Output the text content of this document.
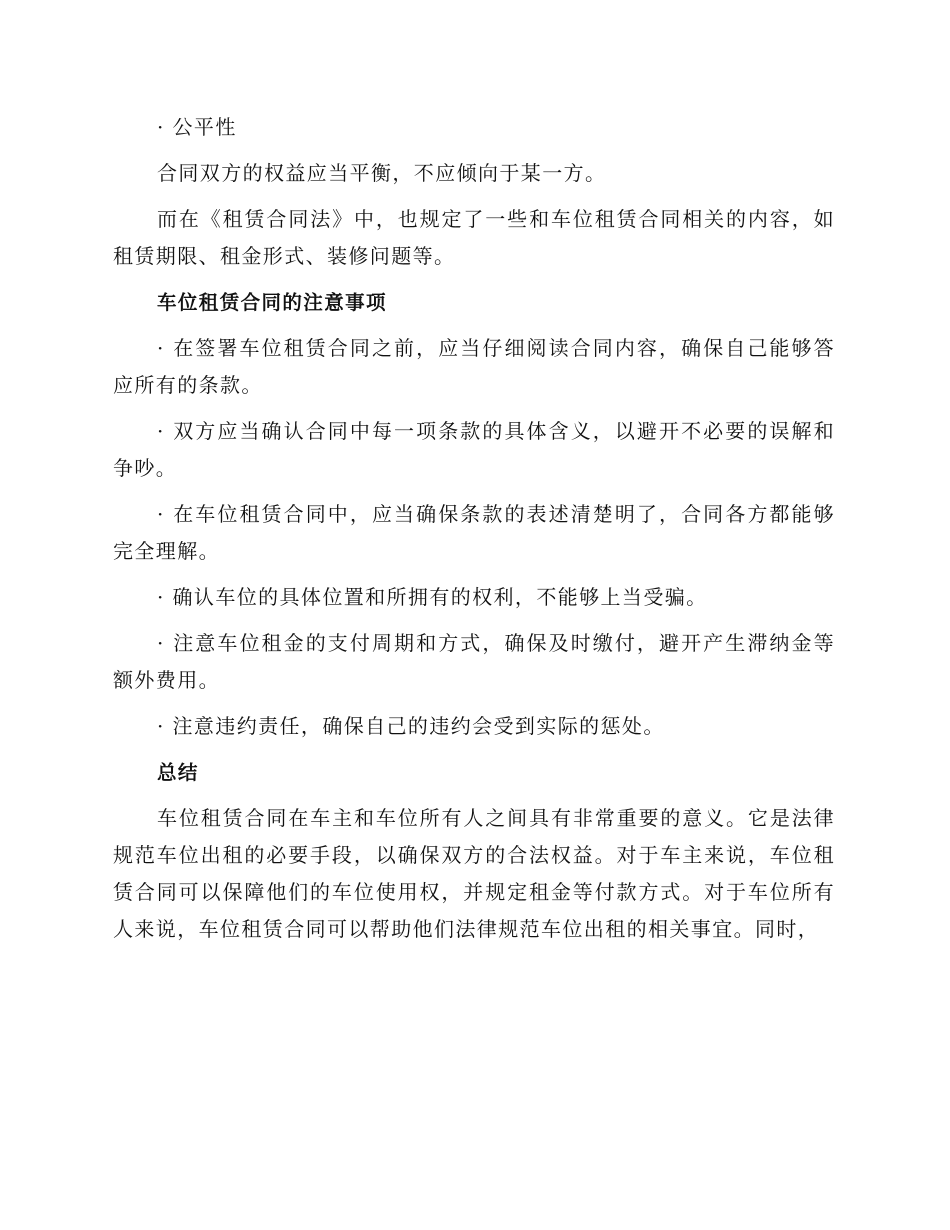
· 公平性

合同双方的权益应当平衡，不应倾向于某一方。

而在《租赁合同法》中，也规定了一些和车位租赁合同相关的内容，如租赁期限、租金形式、装修问题等。

车位租赁合同的注意事项

· 在签署车位租赁合同之前，应当仔细阅读合同内容，确保自己能够答应所有的条款。

· 双方应当确认合同中每一项条款的具体含义，以避开不必要的误解和争吵。

· 在车位租赁合同中，应当确保条款的表述清楚明了，合同各方都能够完全理解。

· 确认车位的具体位置和所拥有的权利，不能够上当受骗。

· 注意车位租金的支付周期和方式，确保及时缴付，避开产生滞纳金等额外费用。

· 注意违约责任，确保自己的违约会受到实际的惩处。

总结

车位租赁合同在车主和车位所有人之间具有非常重要的意义。它是法律规范车位出租的必要手段，以确保双方的合法权益。对于车主来说，车位租赁合同可以保障他们的车位使用权，并规定租金等付款方式。对于车位所有人来说，车位租赁合同可以帮助他们法律规范车位出租的相关事宜。同时，
